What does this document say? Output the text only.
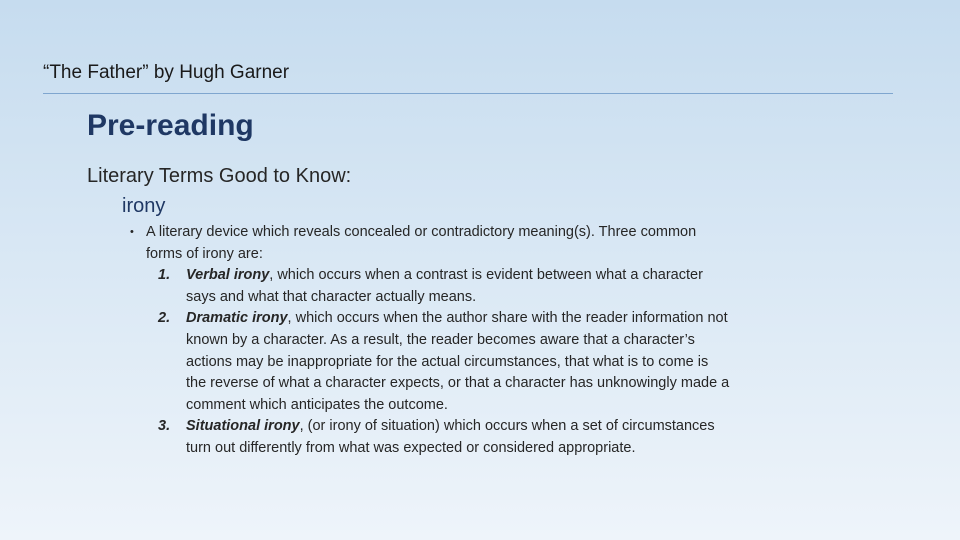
“The Father” by Hugh Garner
Pre-reading
Literary Terms Good to Know:
irony
• A literary device which reveals concealed or contradictory meaning(s). Three common forms of irony are:
1. Verbal irony, which occurs when a contrast is evident between what a character says and what that character actually means.
2. Dramatic irony, which occurs when the author share with the reader information not known by a character. As a result, the reader becomes aware that a character’s actions may be inappropriate for the actual circumstances, that what is to come is the reverse of what a character expects, or that a character has unknowingly made a comment which anticipates the outcome.
3. Situational irony, (or irony of situation) which occurs when a set of circumstances turn out differently from what was expected or considered appropriate.
